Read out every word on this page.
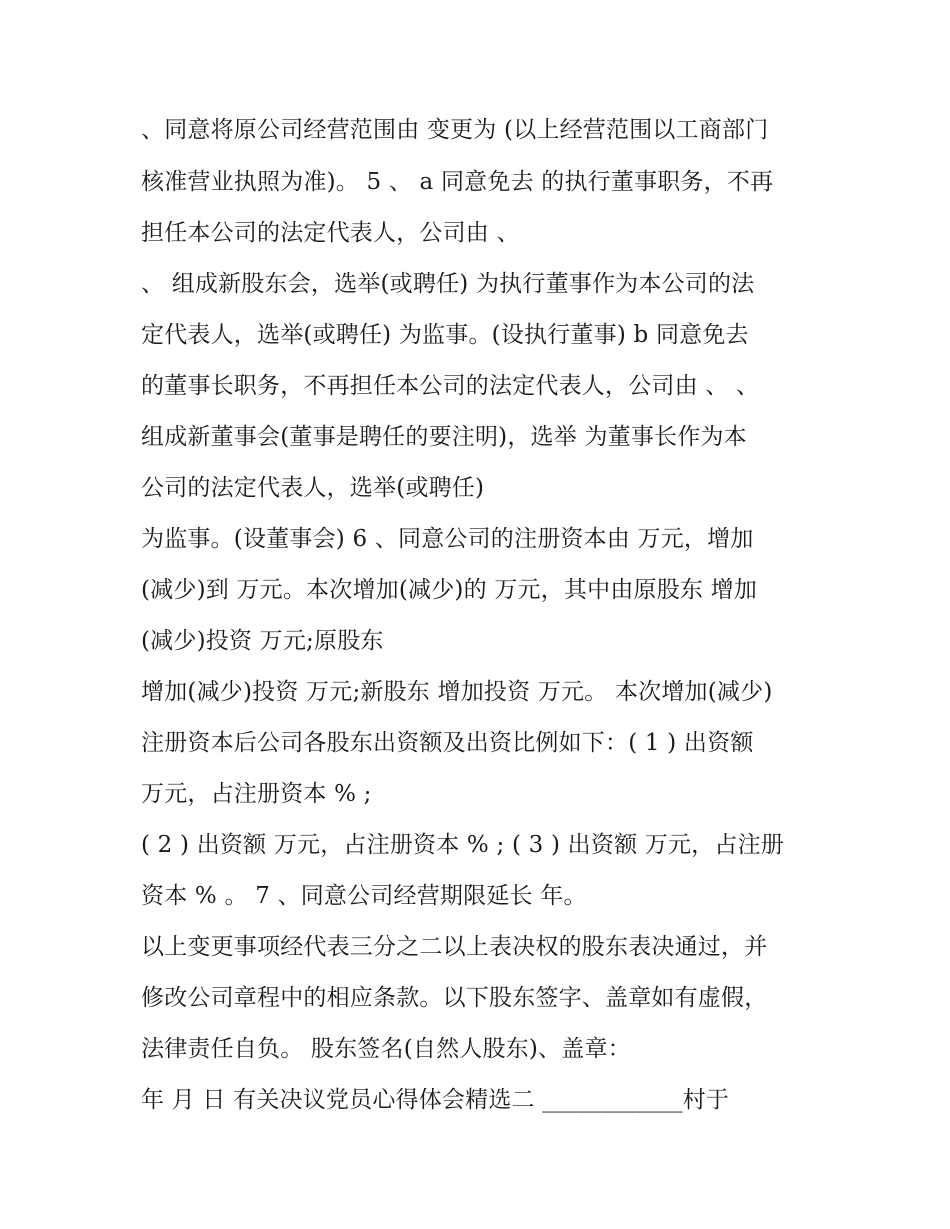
、同意将原公司经营范围由 变更为 (以上经营范围以工商部门

核准营业执照为准)。 5 、 a 同意免去 的执行董事职务，不再

担任本公司的法定代表人，公司由 、

、 组成新股东会，选举(或聘任) 为执行董事作为本公司的法

定代表人，选举(或聘任) 为监事。(设执行董事) b 同意免去

的董事长职务，不再担任本公司的法定代表人，公司由 、 、

组成新董事会(董事是聘任的要注明)，选举 为董事长作为本

公司的法定代表人，选举(或聘任)

为监事。(设董事会) 6 、同意公司的注册资本由 万元，增加

(减少)到 万元。本次增加(减少)的 万元，其中由原股东 增加

(减少)投资 万元;原股东

增加(减少)投资 万元;新股东 增加投资 万元。 本次增加(减少)

注册资本后公司各股东出资额及出资比例如下：( 1 ) 出资额

万元，占注册资本 % ;

( 2 ) 出资额 万元，占注册资本 % ; ( 3 ) 出资额 万元，占注册

资本 % 。 7 、同意公司经营期限延长 年。

以上变更事项经代表三分之二以上表决权的股东表决通过，并

修改公司章程中的相应条款。以下股东签字、盖章如有虚假，

法律责任自负。 股东签名(自然人股东)、盖章：

年 月 日 有关决议党员心得体会精选二 ____________村于
